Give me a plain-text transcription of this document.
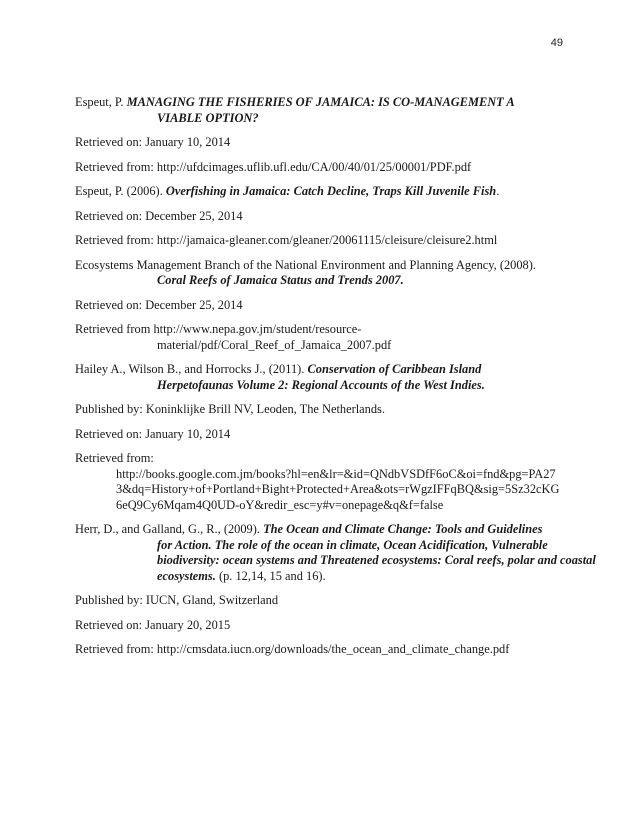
49
Espeut, P. MANAGING THE FISHERIES OF JAMAICA: IS CO-MANAGEMENT A
VIABLE OPTION?
Retrieved on: January 10, 2014
Retrieved from: http://ufdcimages.uflib.ufl.edu/CA/00/40/01/25/00001/PDF.pdf
Espeut, P. (2006). Overfishing in Jamaica: Catch Decline, Traps Kill Juvenile Fish.
Retrieved on: December 25, 2014
Retrieved from: http://jamaica-gleaner.com/gleaner/20061115/cleisure/cleisure2.html
Ecosystems Management Branch of the National Environment and Planning Agency, (2008).
Coral Reefs of Jamaica Status and Trends 2007.
Retrieved on: December 25, 2014
Retrieved from http://www.nepa.gov.jm/student/resource-
material/pdf/Coral_Reef_of_Jamaica_2007.pdf
Hailey A., Wilson B., and Horrocks J., (2011). Conservation of Caribbean Island
Herpetofaunas Volume 2: Regional Accounts of the West Indies.
Published by: Koninklijke Brill NV, Leoden, The Netherlands.
Retrieved on: January 10, 2014
Retrieved from:
http://books.google.com.jm/books?hl=en&lr=&id=QNdbVSDfF6oC&oi=fnd&pg=PA27
3&dq=History+of+Portland+Bight+Protected+Area&ots=rWgzIFFqBQ&sig=5Sz32cKG
6eQ9Cy6Mqam4Q0UD-oY&redir_esc=y#v=onepage&q&f=false
Herr, D., and Galland, G., R., (2009). The Ocean and Climate Change: Tools and Guidelines
for Action. The role of the ocean in climate, Ocean Acidification, Vulnerable
biodiversity: ocean systems and Threatened ecosystems: Coral reefs, polar and coastal
ecosystems. (p. 12,14, 15 and 16).
Published by: IUCN, Gland, Switzerland
Retrieved on: January 20, 2015
Retrieved from: http://cmsdata.iucn.org/downloads/the_ocean_and_climate_change.pdf
